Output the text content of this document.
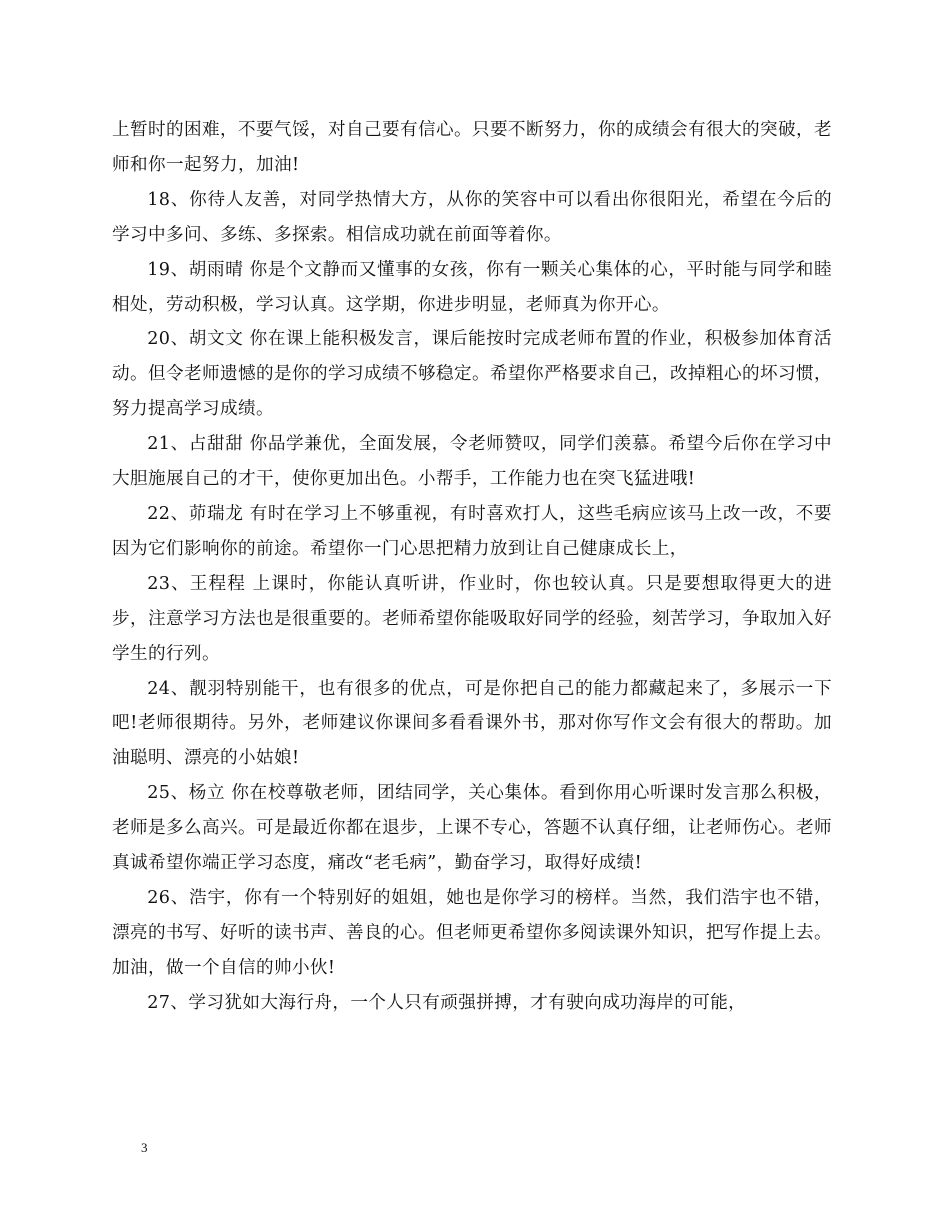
上暂时的困难，不要气馁，对自己要有信心。只要不断努力，你的成绩会有很大的突破，老师和你一起努力，加油!

18、你待人友善，对同学热情大方，从你的笑容中可以看出你很阳光，希望在今后的学习中多问、多练、多探索。相信成功就在前面等着你。

19、胡雨晴 你是个文静而又懂事的女孩，你有一颗关心集体的心，平时能与同学和睦相处，劳动积极，学习认真。这学期，你进步明显，老师真为你开心。

20、胡文文 你在课上能积极发言，课后能按时完成老师布置的作业，积极参加体育活动。但令老师遗憾的是你的学习成绩不够稳定。希望你严格要求自己，改掉粗心的坏习惯，努力提高学习成绩。

21、占甜甜 你品学兼优，全面发展，令老师赞叹，同学们羡慕。希望今后你在学习中大胆施展自己的才干，使你更加出色。小帮手，工作能力也在突飞猛进哦!

22、茆瑞龙 有时在学习上不够重视，有时喜欢打人，这些毛病应该马上改一改，不要因为它们影响你的前途。希望你一门心思把精力放到让自己健康成长上，

23、王程程 上课时，你能认真听讲，作业时，你也较认真。只是要想取得更大的进步，注意学习方法也是很重要的。老师希望你能吸取好同学的经验，刻苦学习，争取加入好学生的行列。

24、靓羽特别能干，也有很多的优点，可是你把自己的能力都藏起来了，多展示一下吧!老师很期待。另外，老师建议你课间多看看课外书，那对你写作文会有很大的帮助。加油聪明、漂亮的小姑娘!

25、杨立 你在校尊敬老师，团结同学，关心集体。看到你用心听课时发言那么积极，老师是多么高兴。可是最近你都在退步，上课不专心，答题不认真仔细，让老师伤心。老师真诚希望你端正学习态度，痛改“老毛病”，勤奋学习，取得好成绩!

26、浩宇，你有一个特别好的姐姐，她也是你学习的榜样。当然，我们浩宇也不错，漂亮的书写、好听的读书声、善良的心。但老师更希望你多阅读课外知识，把写作提上去。加油，做一个自信的帅小伙!

27、学习犹如大海行舟，一个人只有顽强拼搏，才有驶向成功海岸的可能，

3
